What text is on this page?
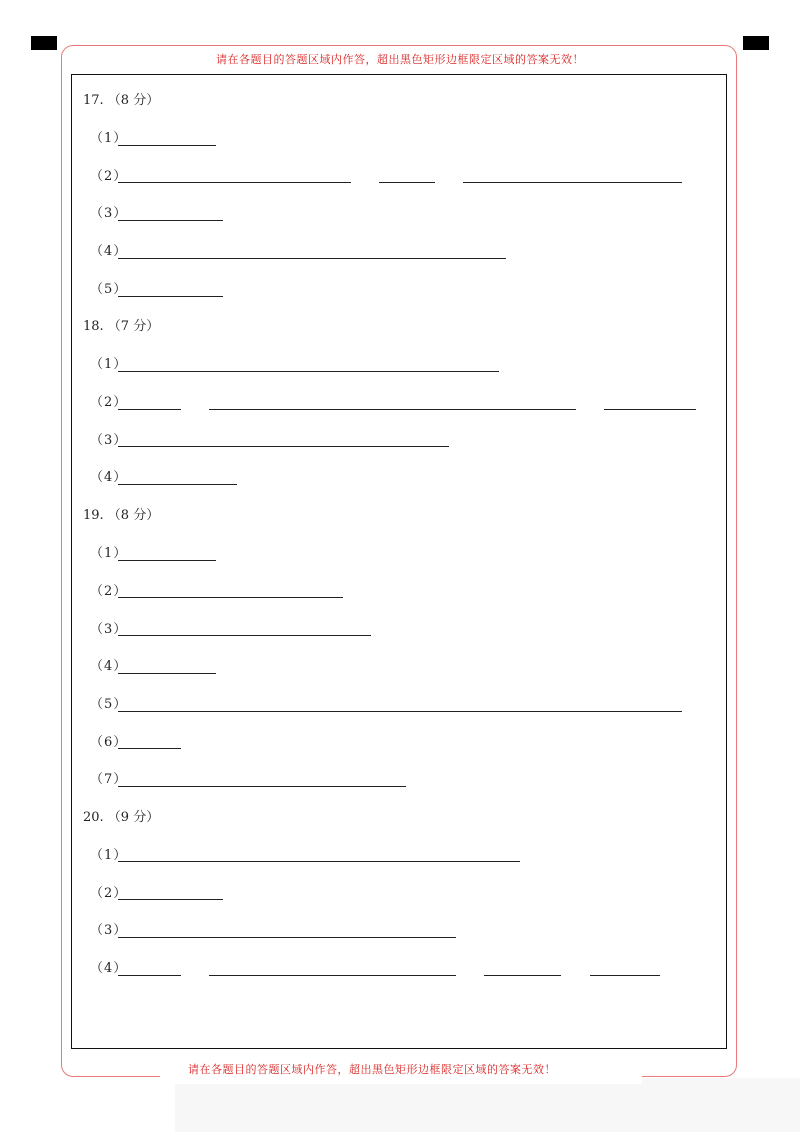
请在各题目的答题区域内作答，超出黑色矩形边框限定区域的答案无效！
17. （8 分）
（1）
（2）
（3）
（4）
（5）
18. （7 分）
（1）
（2）
（3）
（4）
19. （8 分）
（1）
（2）
（3）
（4）
（5）
（6）
（7）
20. （9 分）
（1）
（2）
（3）
（4）
请在各题目的答题区域内作答，超出黑色矩形边框限定区域的答案无效！
